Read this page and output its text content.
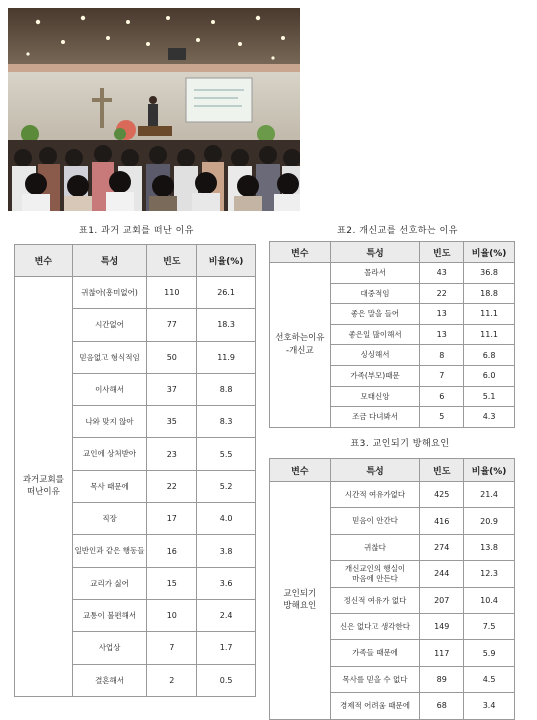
표1. 과거 교회를 떠난 이유
변수	특성	빈도	비율(%)
과거교회를
떠난이유	귀찮아(흥미없어)	110	26.1
	시간없어	77	18.3
	믿음없고 형식적임	50	11.9
	이사해서	37	8.8
	나와 맞지 않아	35	8.3
	교인에 상처받아	23	5.5
	목사 때문에	22	5.2
	직장	17	4.0
	일반인과 같은 행동들	16	3.8
	교리가 싫어	15	3.6
	교통이 불편해서	10	2.4
	사업상	7	1.7
	결혼해서	2	0.5
표2. 개신교를 선호하는 이유
변수	특성	빈도	비율(%)
선호하는이유
-개신교	몰라서	43	36.8
	대중적임	22	18.8
	좋은 말을 들어	13	11.1
	좋은일 많이해서	13	11.1
	싱싱해서	8	6.8
	가족(부모)때문	7	6.0
	모태신앙	6	5.1
	조금 다녀봐서	5	4.3
표3. 교인되기 방해요인
변수	특성	빈도	비율(%)
교인되기
방해요인	시간적 여유가없다	425	21.4
	믿음이 안간다	416	20.9
	귀찮다	274	13.8
	개신교인의 행실이
마음에 안든다	244	12.3
	정신적 여유가 없다	207	10.4
	신은 없다고 생각한다	149	7.5
	가족들 때문에	117	5.9
	목사를 믿을 수 없다	89	4.5
	경제적 어려움 때문에	68	3.4
